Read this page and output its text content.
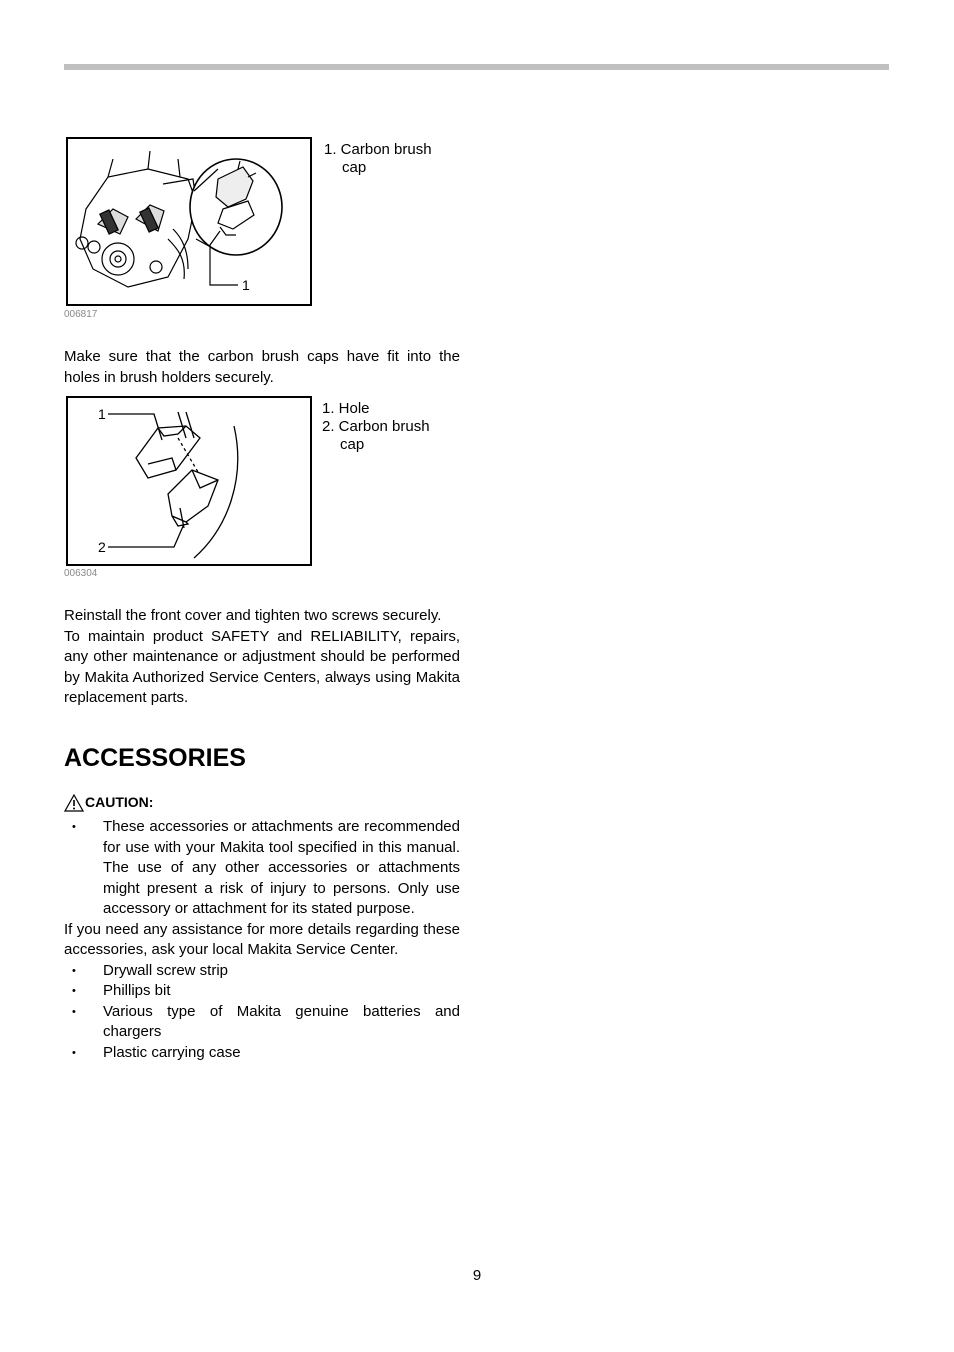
1
006817
1. Carbon brush cap

Make sure that the carbon brush caps have fit into the holes in brush holders securely.

1
2
006304
1. Hole
2. Carbon brush cap

Reinstall the front cover and tighten two screws securely.

To maintain product SAFETY and RELIABILITY, repairs, any other maintenance or adjustment should be performed by Makita Authorized Service Centers, always using Makita replacement parts.

ACCESSORIES
CAUTION:
• These accessories or attachments are recommended for use with your Makita tool specified in this manual. The use of any other accessories or attachments might present a risk of injury to persons. Only use accessory or attachment for its stated purpose.

If you need any assistance for more details regarding these accessories, ask your local Makita Service Center.

• Drywall screw strip
• Phillips bit
• Various type of Makita genuine batteries and chargers
• Plastic carrying case
9
